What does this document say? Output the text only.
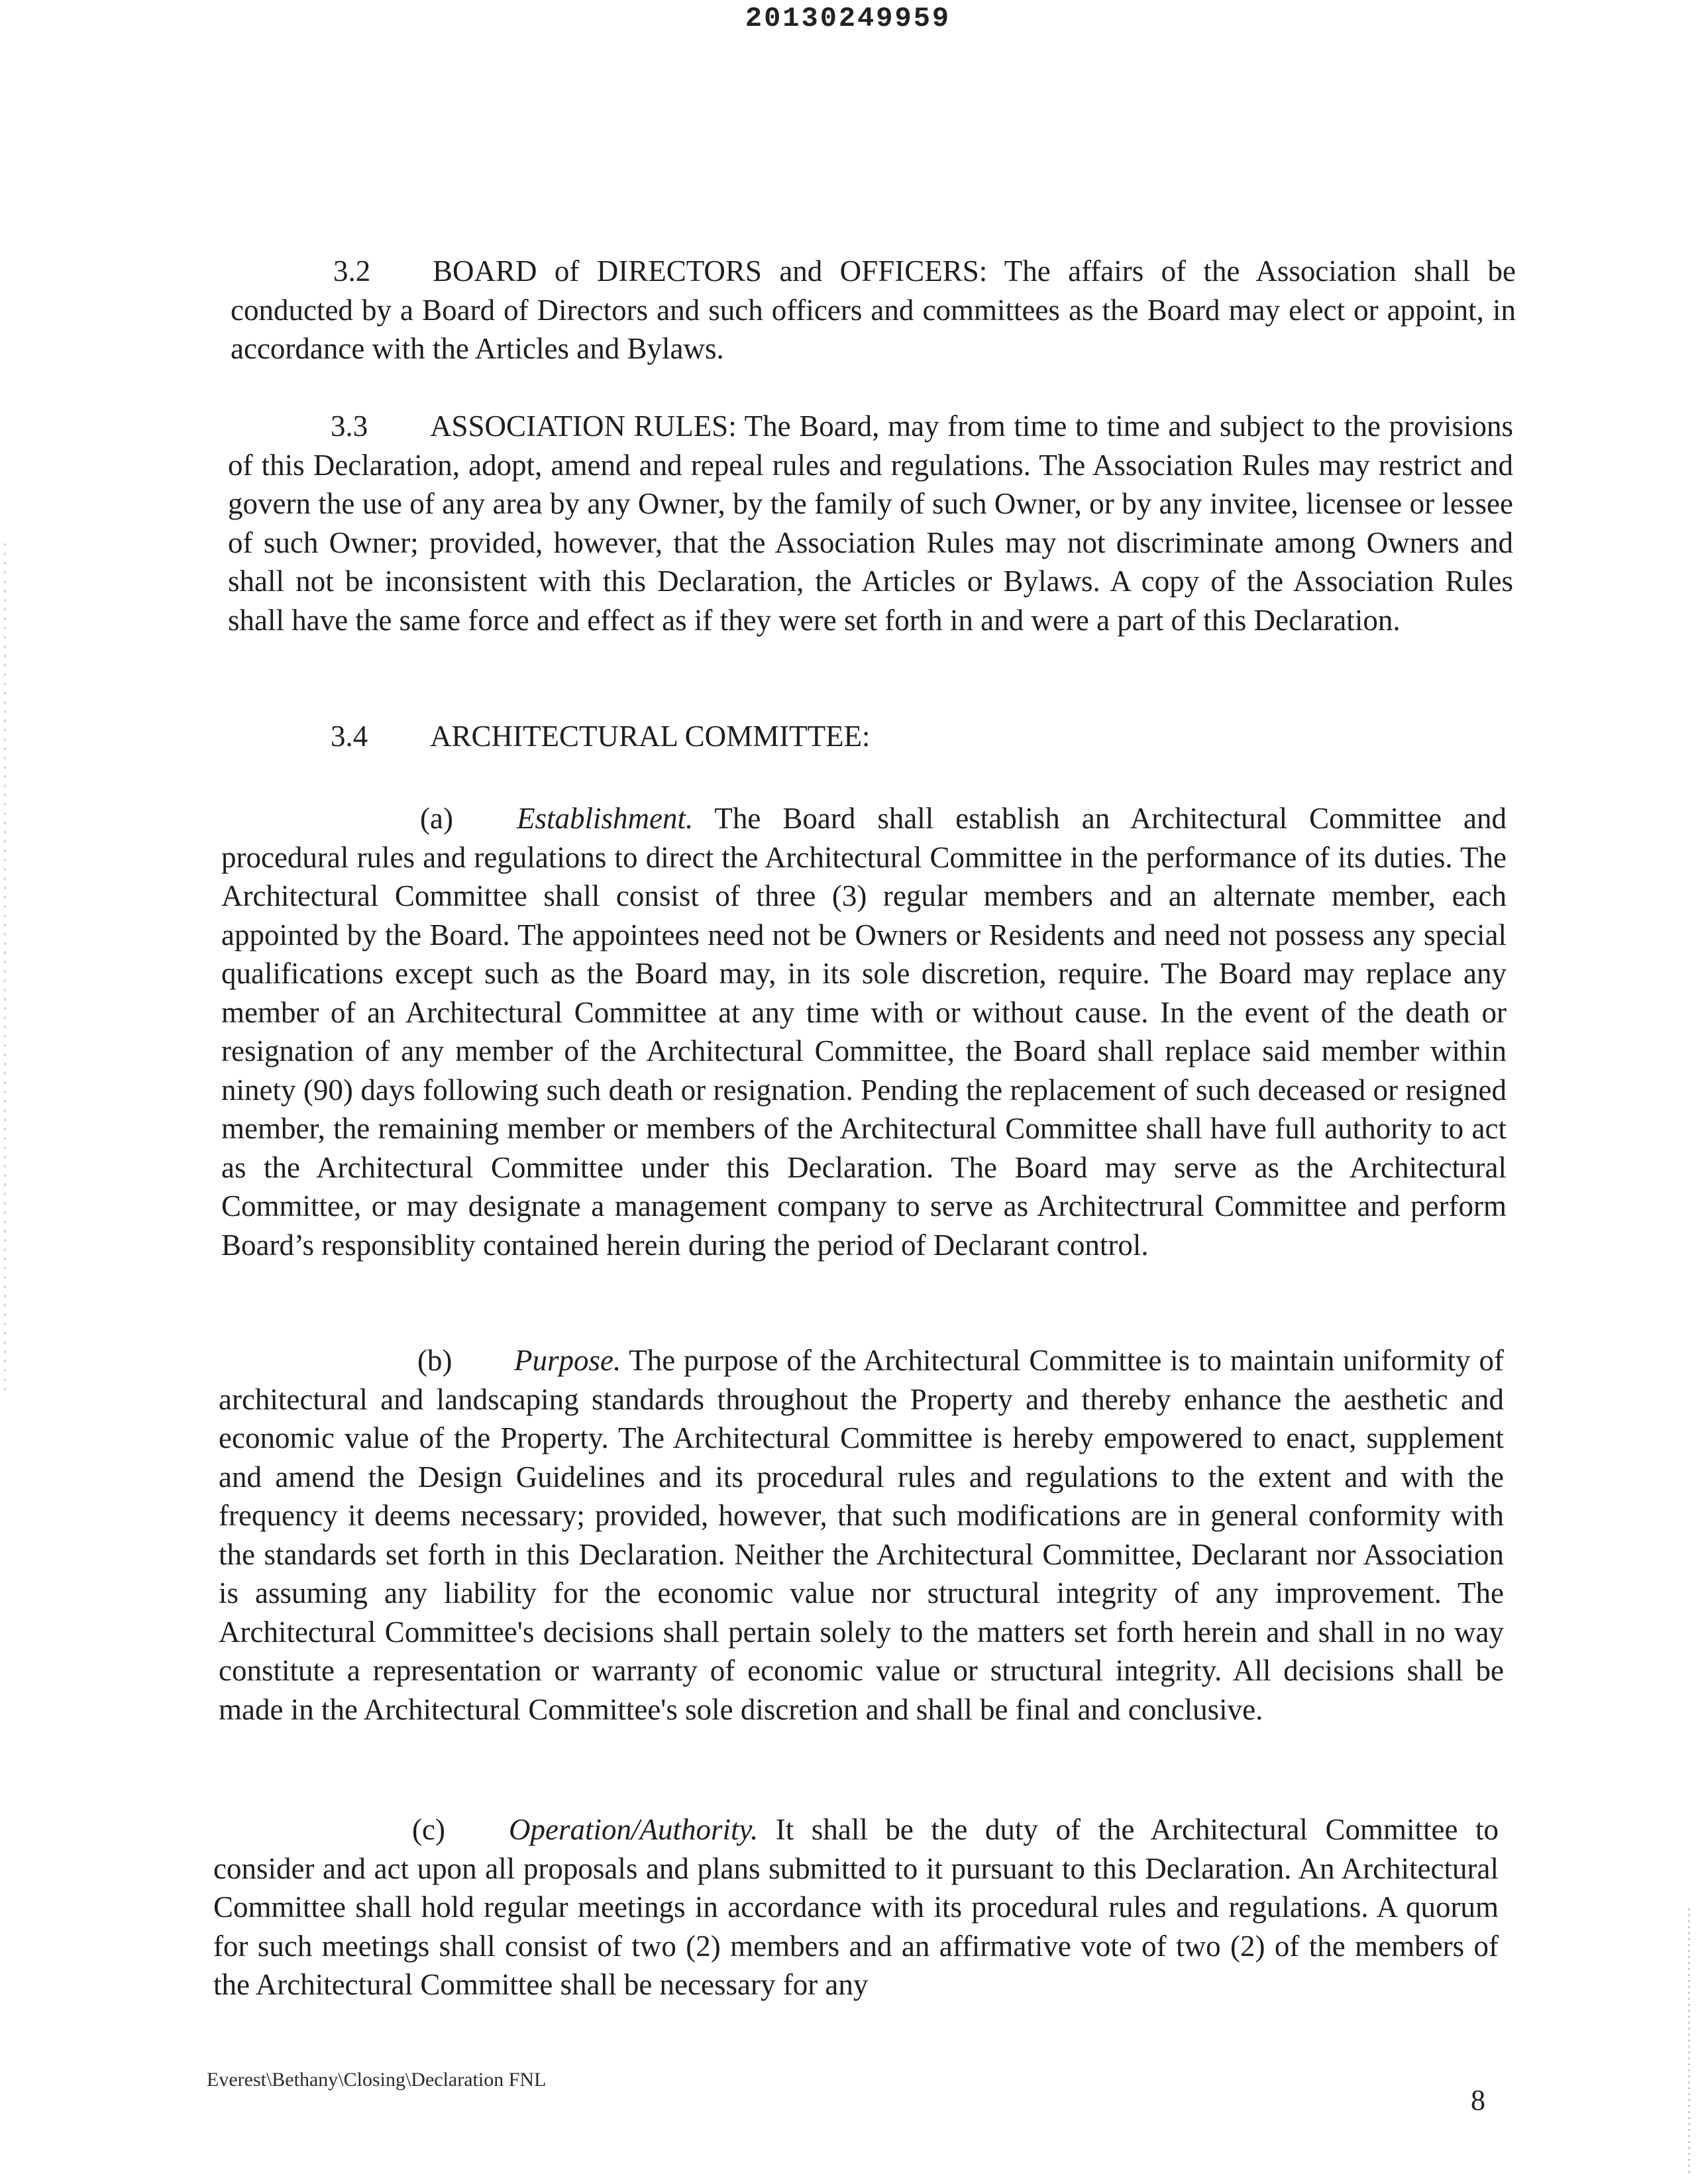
20130249959

3.2 BOARD of DIRECTORS and OFFICERS: The affairs of the Association shall be conducted by a Board of Directors and such officers and committees as the Board may elect or appoint, in accordance with the Articles and Bylaws.

3.3 ASSOCIATION RULES: The Board, may from time to time and subject to the provisions of this Declaration, adopt, amend and repeal rules and regulations. The Association Rules may restrict and govern the use of any area by any Owner, by the family of such Owner, or by any invitee, licensee or lessee of such Owner; provided, however, that the Association Rules may not discriminate among Owners and shall not be inconsistent with this Declaration, the Articles or Bylaws. A copy of the Association Rules shall have the same force and effect as if they were set forth in and were a part of this Declaration.

3.4 ARCHITECTURAL COMMITTEE:

(a) Establishment. The Board shall establish an Architectural Committee and procedural rules and regulations to direct the Architectural Committee in the performance of its duties. The Architectural Committee shall consist of three (3) regular members and an alternate member, each appointed by the Board. The appointees need not be Owners or Residents and need not possess any special qualifications except such as the Board may, in its sole discretion, require. The Board may replace any member of an Architectural Committee at any time with or without cause. In the event of the death or resignation of any member of the Architectural Committee, the Board shall replace said member within ninety (90) days following such death or resignation. Pending the replacement of such deceased or resigned member, the remaining member or members of the Architectural Committee shall have full authority to act as the Architectural Committee under this Declaration. The Board may serve as the Architectural Committee, or may designate a management company to serve as Architectrural Committee and perform Board’s responsiblity contained herein during the period of Declarant control.

(b) Purpose. The purpose of the Architectural Committee is to maintain uniformity of architectural and landscaping standards throughout the Property and thereby enhance the aesthetic and economic value of the Property. The Architectural Committee is hereby empowered to enact, supplement and amend the Design Guidelines and its procedural rules and regulations to the extent and with the frequency it deems necessary; provided, however, that such modifications are in general conformity with the standards set forth in this Declaration. Neither the Architectural Committee, Declarant nor Association is assuming any liability for the economic value nor structural integrity of any improvement. The Architectural Committee's decisions shall pertain solely to the matters set forth herein and shall in no way constitute a representation or warranty of economic value or structural integrity. All decisions shall be made in the Architectural Committee's sole discretion and shall be final and conclusive.

(c) Operation/Authority. It shall be the duty of the Architectural Committee to consider and act upon all proposals and plans submitted to it pursuant to this Declaration. An Architectural Committee shall hold regular meetings in accordance with its procedural rules and regulations. A quorum for such meetings shall consist of two (2) members and an affirmative vote of two (2) of the members of the Architectural Committee shall be necessary for any

Everest\Bethany\Closing\Declaration FNL
8
